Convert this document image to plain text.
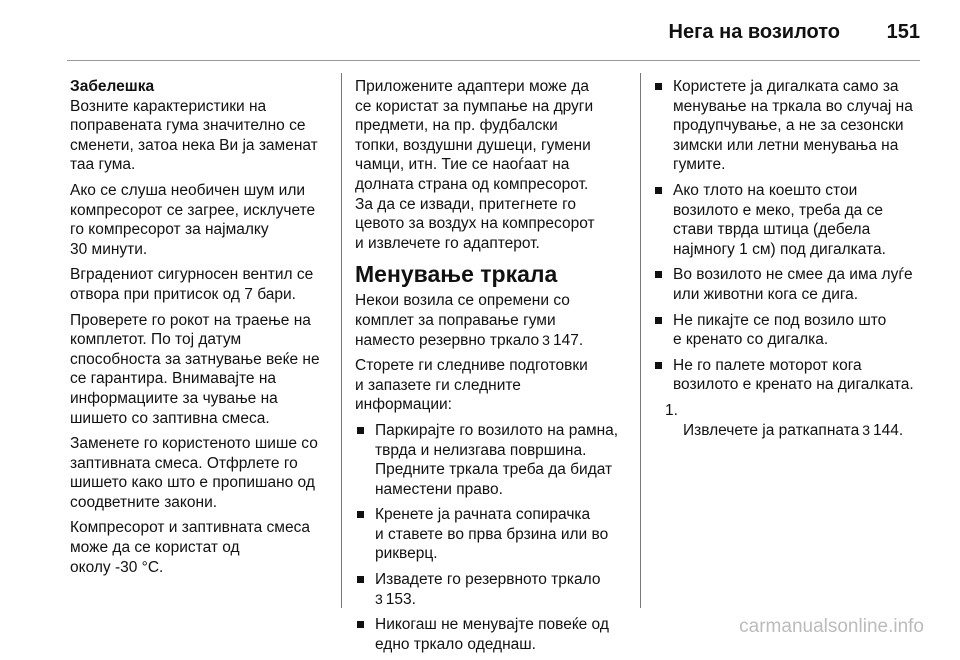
Нега на возилото 151
Забелешка

Возните карактеристики на
поправената гума значително се
сменети, затоа нека Ви ја заменат
таа гума.

Ако се слуша необичен шум или
компресорот се загрее, исклучете
го компресорот за најмалку
30 минути.

Вградениот сигурносен вентил се
отвора при притисок од 7 бари.

Проверете го рокот на траење на
комплетот. По тој датум
способноста за затнување веќе не
се гарантира. Внимавајте на
информациите за чување на
шишето со заптивна смеса.

Заменете го користеното шише со
заптивната смеса. Отфрлете го
шишето како што е пропишано од
соодветните закони.

Компресорот и заптивната смеса
може да се користат од
околу -30 °C.

Приложените адаптери може да
се користат за пумпање на други
предмети, на пр. фудбалски
топки, воздушни душеци, гумени
чамци, итн. Тие се наоѓаат на
долната страна од компресорот.
За да се извади, притегнете го
цевото за воздух на компресорот
и извлечете го адаптерот.

Менување тркала

Некои возила се опремени со
комплет за поправање гуми
наместо резервно тркало 3 147.

Сторете ги следниве подготовки
и запазете ги следните
информации:

Паркирајте го возилото на рамна,
тврда и нелизгава површина.
Предните тркала треба да бидат
наместени право.
Кренете ја рачната сопирачка
и ставете во прва брзина или во
рикверц.
Извадете го резервното тркало
3 153.
Никогаш не менувајте повеќе од
едно тркало одеднаш.
Користете ја дигалката само за
менување на тркала во случај на
продупчување, а не за сезонски
зимски или летни менувања на
гумите.
Ако тлото на коешто стои
возилото е меко, треба да се
стави тврда штица (дебела
најмногу 1 см) под дигалката.
Во возилото не смее да има луѓе
или животни кога се дига.
Не пикајте се под возило што
е кренато со дигалка.
Не го палете моторот кога
возилото е кренато на дигалката.

1.
Извлечете ја раткапната 3 144.

carmanualsonline.info
